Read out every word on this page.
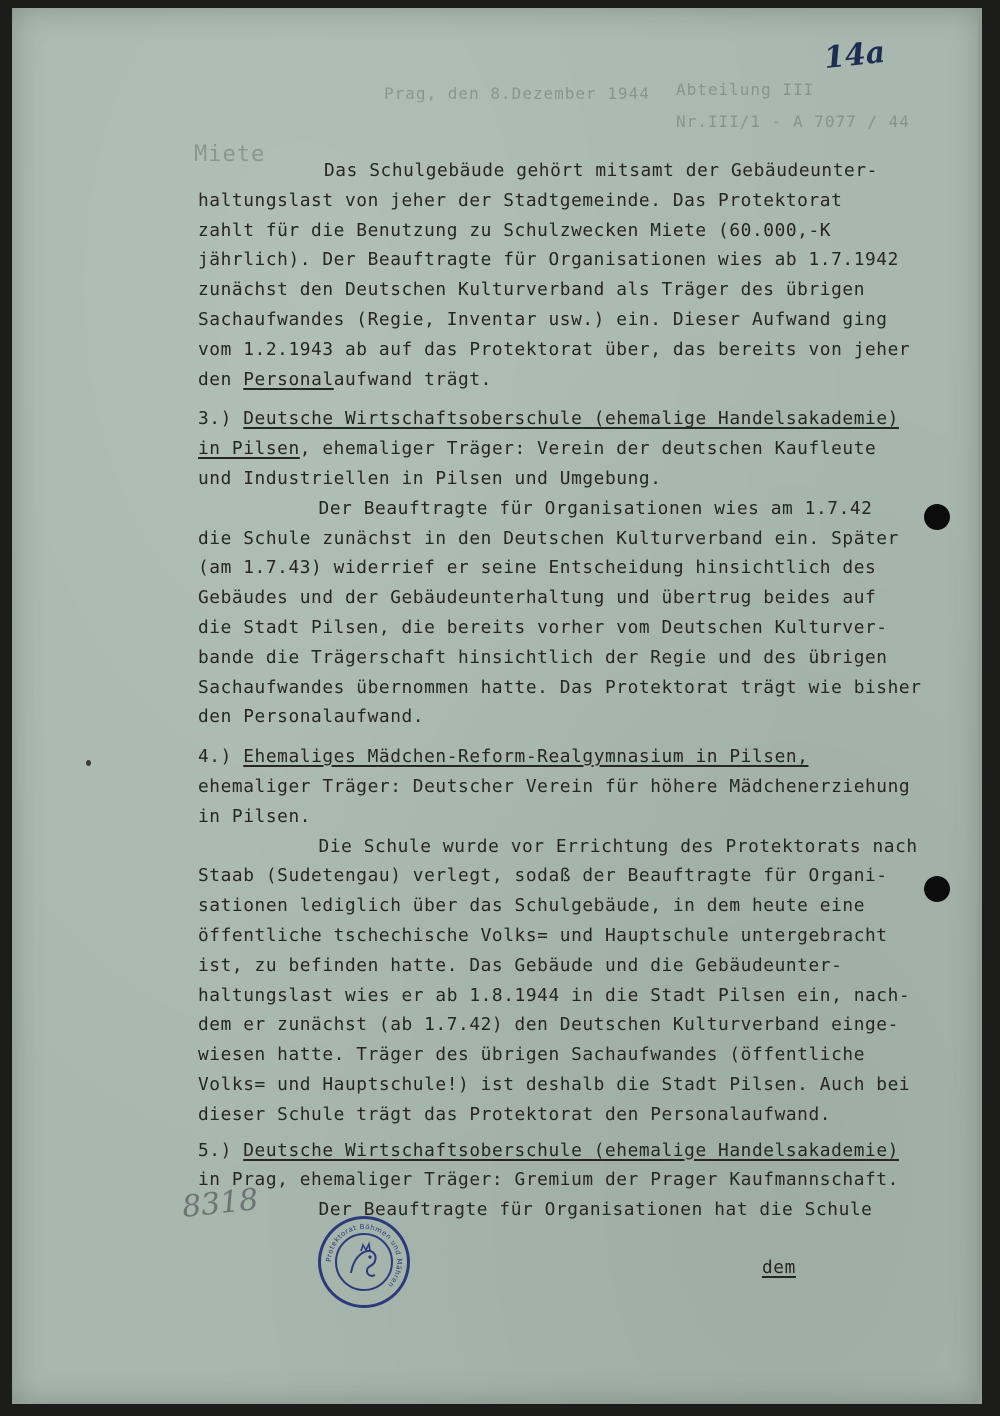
Prag, den 8.Dezember 1944 Abteilung III
Nr.III/1 - A 7077 / 44
Miete
14a
Das Schulgebäude gehört mitsamt der Gebäudeunter-
haltungslast von jeher der Stadtgemeinde. Das Protektorat
zahlt für die Benutzung zu Schulzwecken Miete (60.000,-K
jährlich). Der Beauftragte für Organisationen wies ab 1.7.1942
zunächst den Deutschen Kulturverband als Träger des übrigen
Sachaufwandes (Regie, Inventar usw.) ein. Dieser Aufwand ging
vom 1.2.1943 ab auf das Protektorat über, das bereits von jeher
den Personalaufwand trägt.
3.) Deutsche Wirtschaftsoberschule (ehemalige Handelsakademie)
in Pilsen, ehemaliger Träger: Verein der deutschen Kaufleute
und Industriellen in Pilsen und Umgebung.
Der Beauftragte für Organisationen wies am 1.7.42
die Schule zunächst in den Deutschen Kulturverband ein. Später
(am 1.7.43) widerrief er seine Entscheidung hinsichtlich des
Gebäudes und der Gebäudeunterhaltung und übertrug beides auf
die Stadt Pilsen, die bereits vorher vom Deutschen Kulturver-
bande die Trägerschaft hinsichtlich der Regie und des übrigen
Sachaufwandes übernommen hatte. Das Protektorat trägt wie bisher
den Personalaufwand.
4.) Ehemaliges Mädchen-Reform-Realgymnasium in Pilsen,
ehemaliger Träger: Deutscher Verein für höhere Mädchenerziehung
in Pilsen.
Die Schule wurde vor Errichtung des Protektorats nach
Staab (Sudetengau) verlegt, sodaß der Beauftragte für Organi-
sationen lediglich über das Schulgebäude, in dem heute eine
öffentliche tschechische Volks= und Hauptschule untergebracht
ist, zu befinden hatte. Das Gebäude und die Gebäudeunter-
haltungslast wies er ab 1.8.1944 in die Stadt Pilsen ein, nach-
dem er zunächst (ab 1.7.42) den Deutschen Kulturverband einge-
wiesen hatte. Träger des übrigen Sachaufwandes (öffentliche
Volks= und Hauptschule!) ist deshalb die Stadt Pilsen. Auch bei
dieser Schule trägt das Protektorat den Personalaufwand.
5.) Deutsche Wirtschaftsoberschule (ehemalige Handelsakademie)
in Prag, ehemaliger Träger: Gremium der Prager Kaufmannschaft.
Der Beauftragte für Organisationen hat die Schule
dem
8318
Protektorat Böhmen und Mähren
